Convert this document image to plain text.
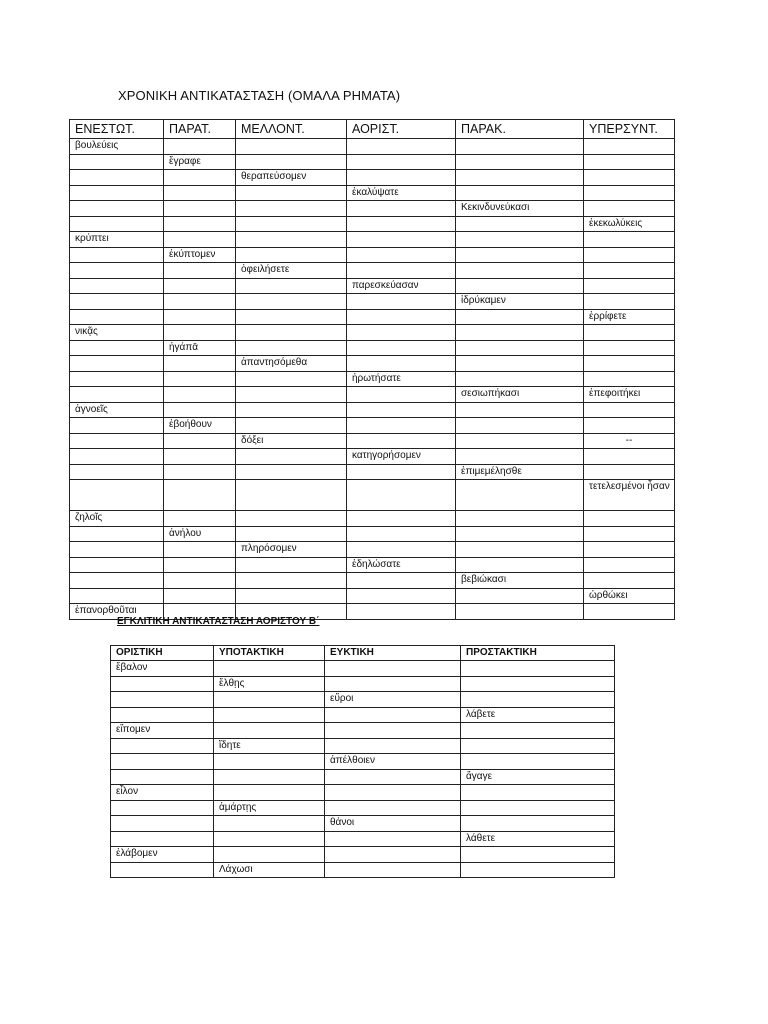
ΧΡΟΝΙΚΗ ΑΝΤΙΚΑΤΑΣΤΑΣΗ (ΟΜΑΛΑ ΡΗΜΑΤΑ)
ΕΝΕΣΤΩΤ.	ΠΑΡΑΤ.	ΜΕΛΛΟΝΤ.	ΑΟΡΙΣΤ.	ΠΑΡΑΚ.	ΥΠΕΡΣΥΝΤ.
βουλεύεις					
	ἔγραφε				
		θεραπεύσομεν			
			ἐκαλύψατε		
				Κεκινδυνεύκασι	
					ἐκεκωλύκεις
κρύπτει					
	ἐκύπτομεν				
		ὀφειλήσετε			
			παρεσκεύασαν		
				ἱδρύκαμεν	
					ἐρρίφετε
νικᾷς					
	ἠγάπᾱ				
		ἀπαντησόμεθα			
			ἠρωτήσατε		
				σεσιωπήκασι	ἐπεφοιτήκει
ἀγνοεῖς					
	ἐβοήθουν				
		δόξει			--
			κατηγορήσομεν		
				ἐπιμεμέλησθε	
					τετελεσμένοι ἦσαν
ζηλοῖς					
	ἀνήλου				
		πληρόσομεν			
			ἐδηλώσατε		
				βεβιώκασι	
					ὠρθώκει
ἐπανορθοῦται					
ΕΓΚΛΙΤΙΚΗ ΑΝΤΙΚΑΤΑΣΤΑΣΗ ΑΟΡΙΣΤΟΥ Β΄
ΟΡΙΣΤΙΚΗ	ΥΠΟΤΑΚΤΙΚΗ	ΕΥΚΤΙΚΗ	ΠΡΟΣΤΑΚΤΙΚΗ
ἔβαλον			
	ἔλθῃς		
		εὕροι	
			λάβετε
εἵπομεν			
	ἴδητε		
		ἀπέλθοιεν	
			ἄγαγε
εἷλον			
	ἁμάρτῃς		
		θάνοι	
			λάθετε
ἐλάβομεν			
	Λάχωσι		
